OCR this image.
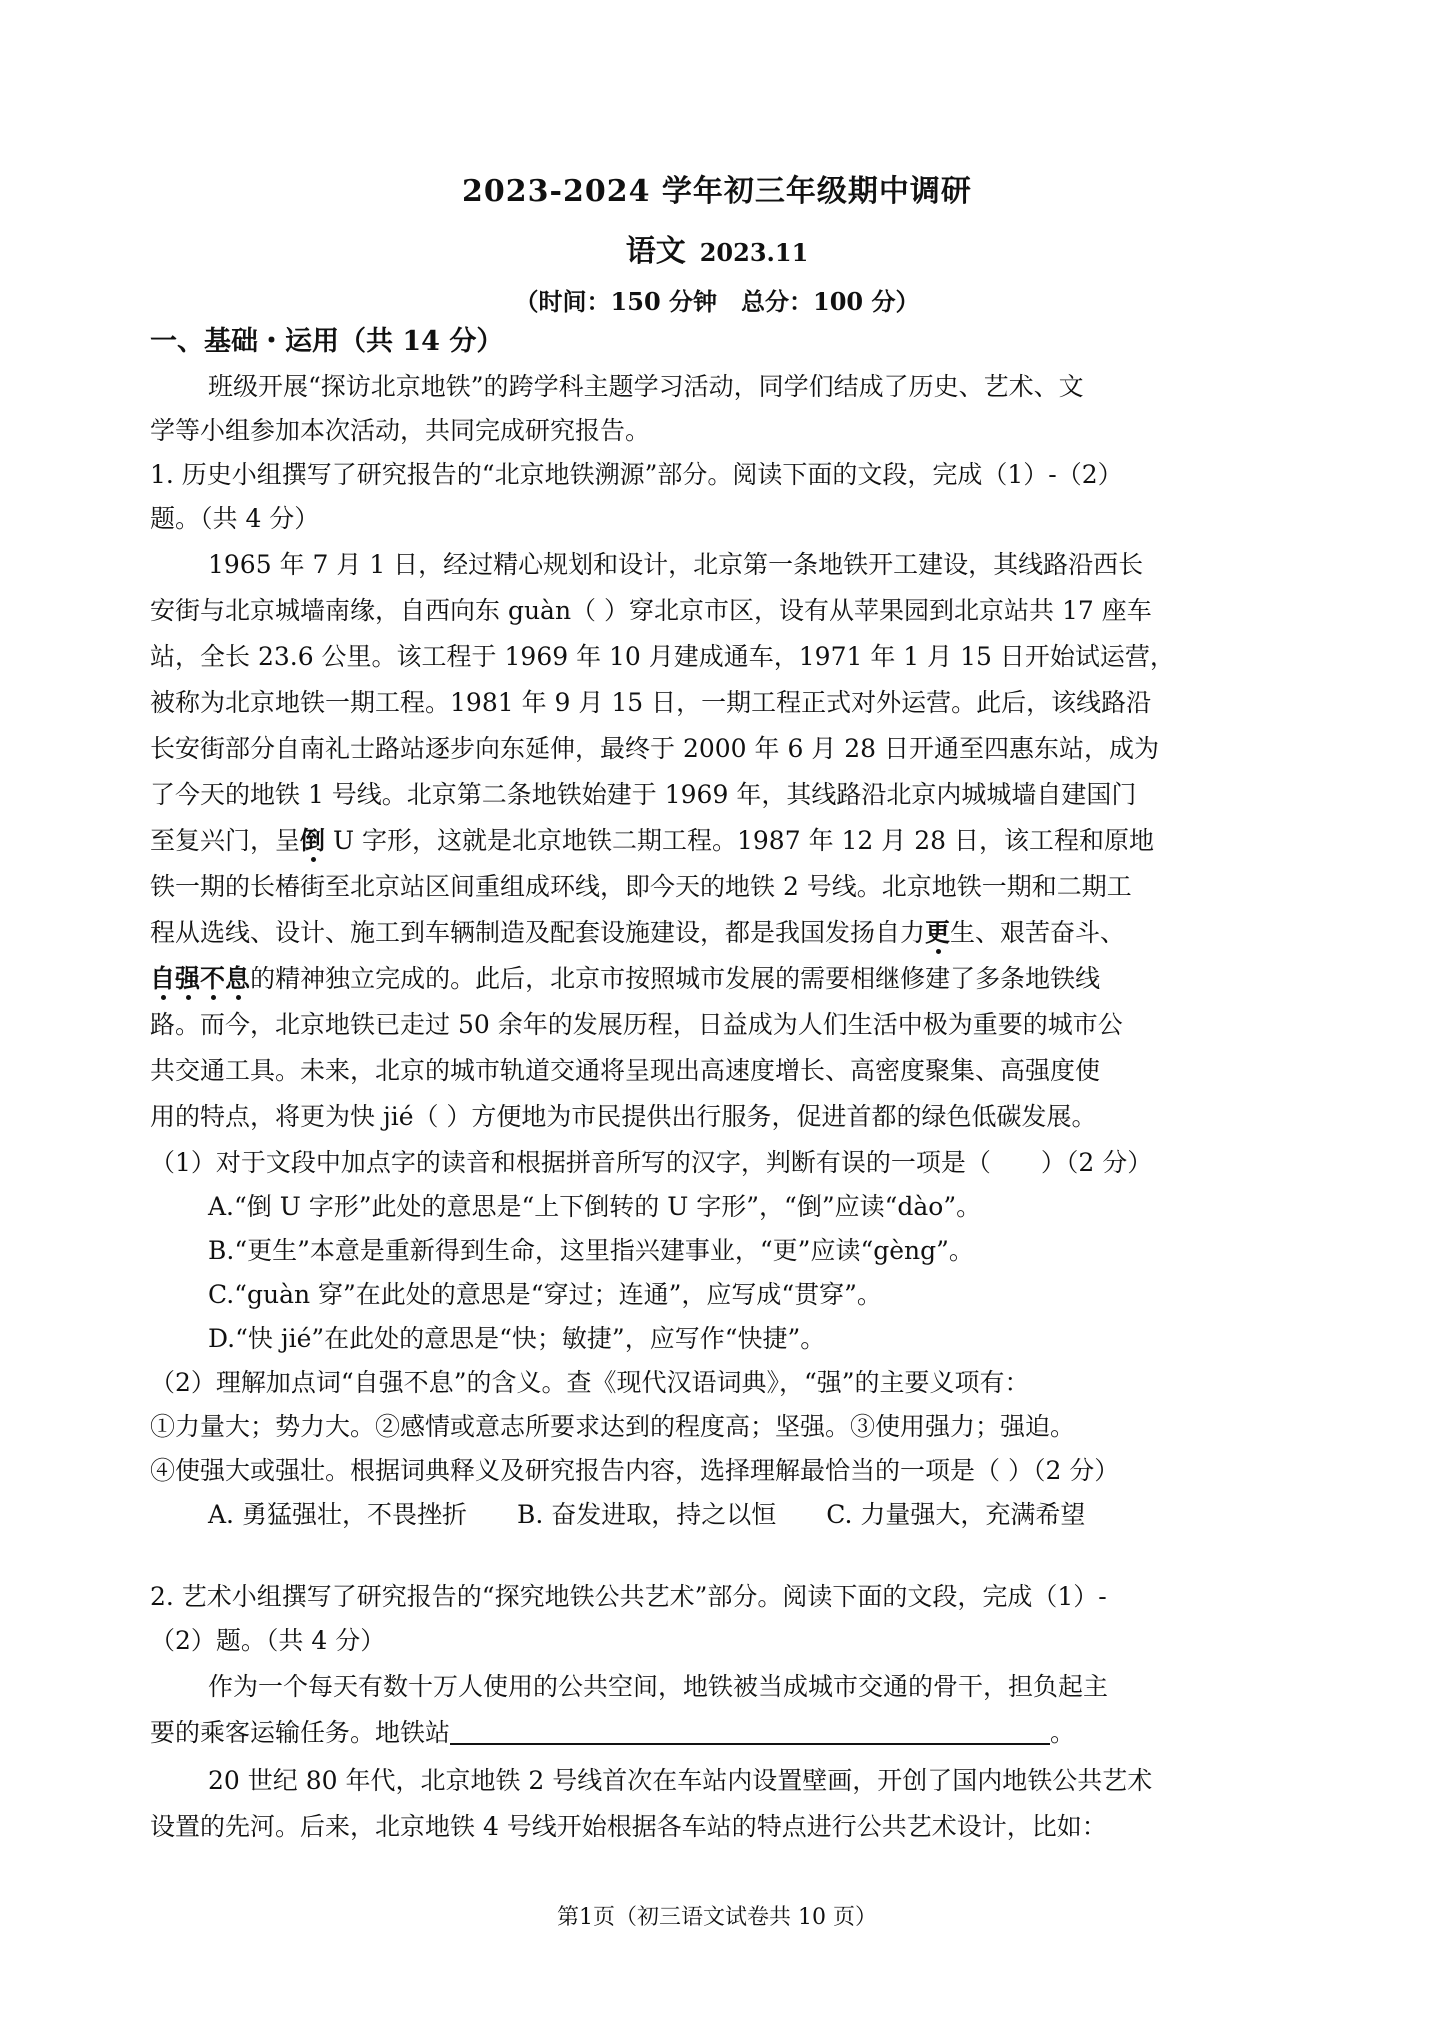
2023-2024 学年初三年级期中调研
语文 2023.11
（时间：150 分钟　总分：100 分）
一、基础・运用（共 14 分）
班级开展“探访北京地铁”的跨学科主题学习活动，同学们结成了历史、艺术、文
学等小组参加本次活动，共同完成研究报告。
1. 历史小组撰写了研究报告的“北京地铁溯源”部分。阅读下面的文段，完成（1）-（2）
题。（共 4 分）
1965 年 7 月 1 日，经过精心规划和设计，北京第一条地铁开工建设，其线路沿西长
安街与北京城墙南缘，自西向东 guàn（ ）穿北京市区，设有从苹果园到北京站共 17 座车
站，全长 23.6 公里。该工程于 1969 年 10 月建成通车，1971 年 1 月 15 日开始试运营，
被称为北京地铁一期工程。1981 年 9 月 15 日，一期工程正式对外运营。此后，该线路沿
长安街部分自南礼士路站逐步向东延伸，最终于 2000 年 6 月 28 日开通至四惠东站，成为
了今天的地铁 1 号线。北京第二条地铁始建于 1969 年，其线路沿北京内城城墙自建国门
至复兴门，呈倒 U 字形，这就是北京地铁二期工程。1987 年 12 月 28 日，该工程和原地
铁一期的长椿街至北京站区间重组成环线，即今天的地铁 2 号线。北京地铁一期和二期工
程从选线、设计、施工到车辆制造及配套设施建设，都是我国发扬自力更生、艰苦奋斗、
自强不息的精神独立完成的。此后，北京市按照城市发展的需要相继修建了多条地铁线
路。而今，北京地铁已走过 50 余年的发展历程，日益成为人们生活中极为重要的城市公
共交通工具。未来，北京的城市轨道交通将呈现出高速度增长、高密度聚集、高强度使
用的特点，将更为快 jié（ ）方便地为市民提供出行服务，促进首都的绿色低碳发展。
（1）对于文段中加点字的读音和根据拼音所写的汉字，判断有误的一项是（　　）（2 分）
A.“倒 U 字形”此处的意思是“上下倒转的 U 字形”，“倒”应读“dào”。
B.“更生”本意是重新得到生命，这里指兴建事业，“更”应读“gèng”。
C.“guàn 穿”在此处的意思是“穿过；连通”，应写成“贯穿”。
D.“快 jié”在此处的意思是“快；敏捷”，应写作“快捷”。
（2）理解加点词“自强不息”的含义。查《现代汉语词典》，“强”的主要义项有：
①力量大；势力大。②感情或意志所要求达到的程度高；坚强。③使用强力；强迫。
④使强大或强壮。根据词典释义及研究报告内容，选择理解最恰当的一项是（ ）（2 分）
A. 勇猛强壮，不畏挫折　　B. 奋发进取，持之以恒　　C. 力量强大，充满希望
2. 艺术小组撰写了研究报告的“探究地铁公共艺术”部分。阅读下面的文段，完成（1）-
（2）题。（共 4 分）
作为一个每天有数十万人使用的公共空间，地铁被当成城市交通的骨干，担负起主
要的乘客运输任务。地铁站	。
20 世纪 80 年代，北京地铁 2 号线首次在车站内设置壁画，开创了国内地铁公共艺术
设置的先河。后来，北京地铁 4 号线开始根据各车站的特点进行公共艺术设计，比如：
第1页（初三语文试卷共 10 页）
